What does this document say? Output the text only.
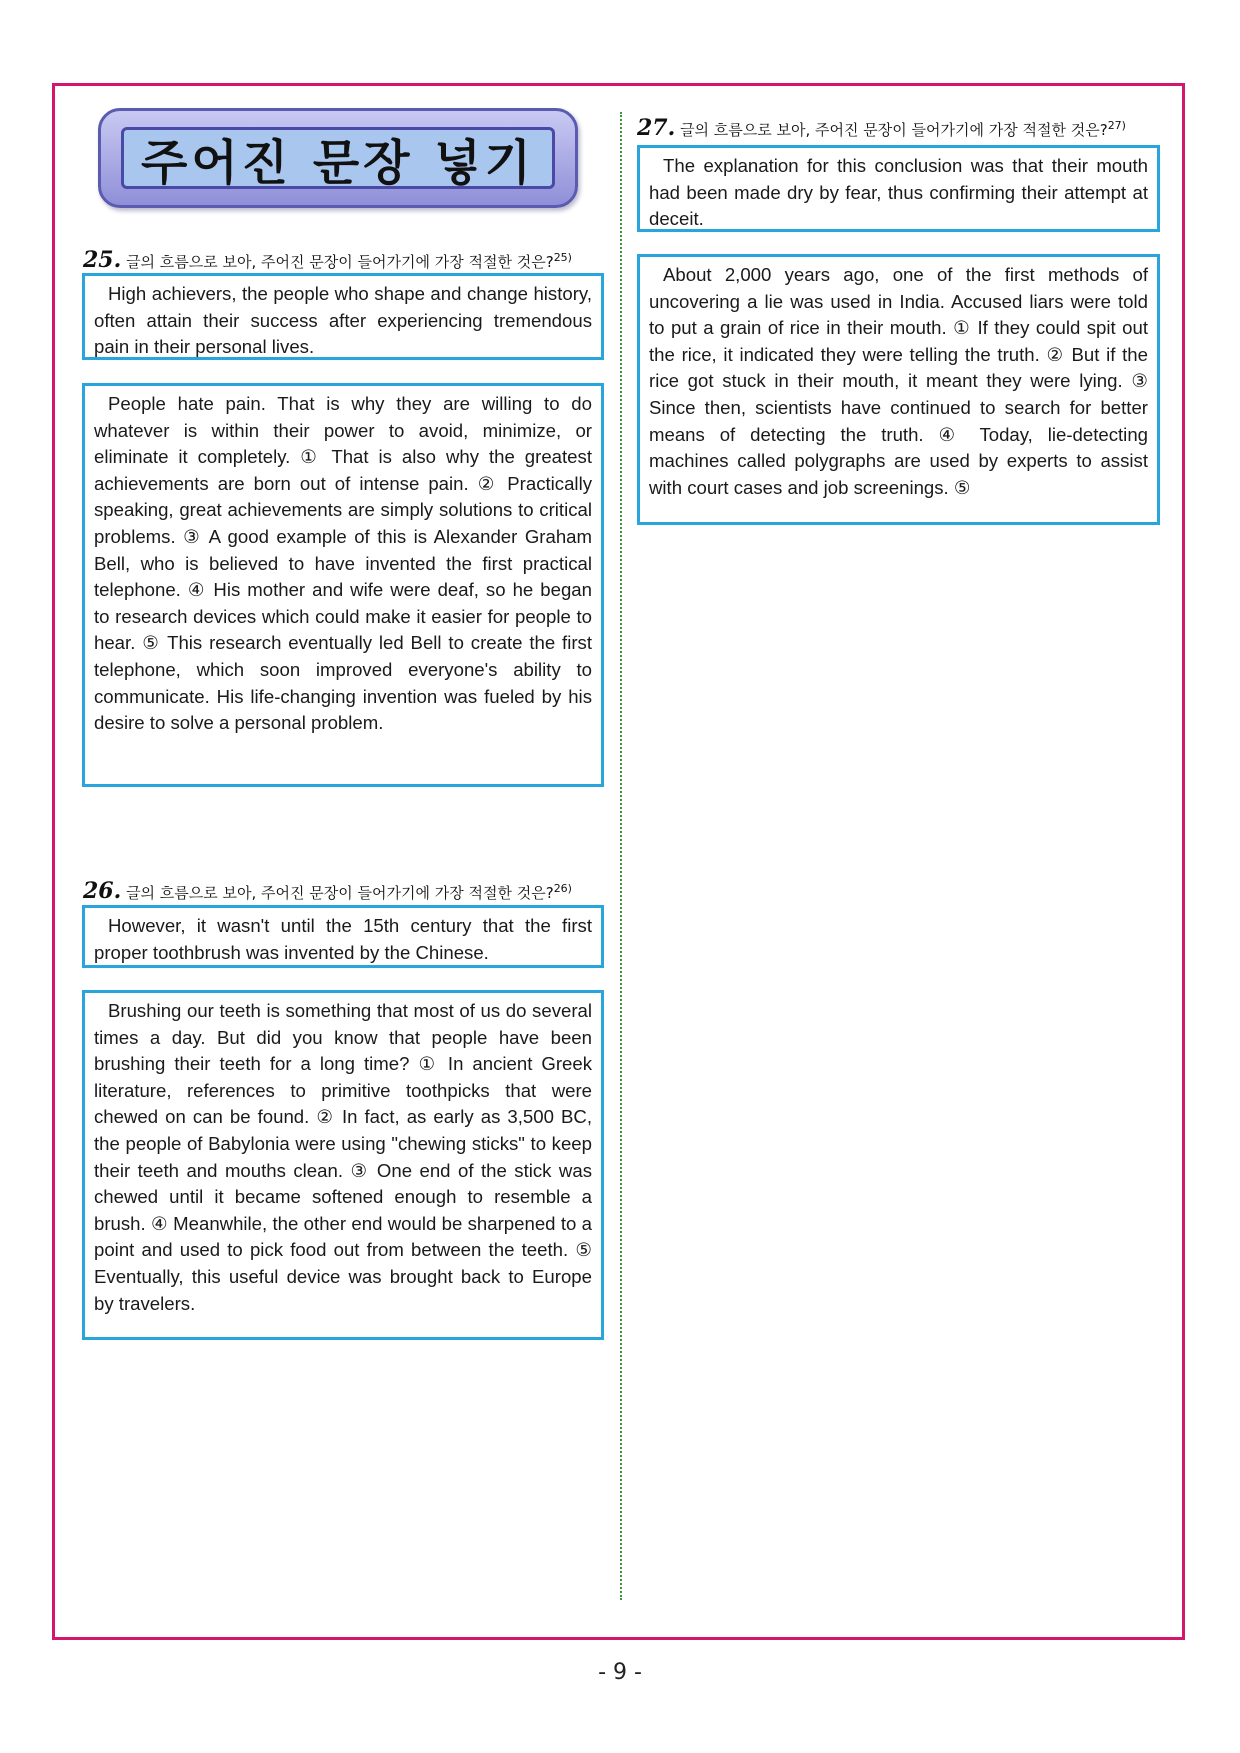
주어진 문장 넣기
25. 글의 흐름으로 보아, 주어진 문장이 들어가기에 가장 적절한 것은?$^{25)}$

High achievers, the people who shape and change history, often attain their success after experiencing tremendous pain in their personal lives.

People hate pain. That is why they are willing to do whatever is within their power to avoid, minimize, or eliminate it completely. ① That is also why the greatest achievements are born out of intense pain. ② Practically speaking, great achievements are simply solutions to critical problems. ③ A good example of this is Alexander Graham Bell, who is believed to have invented the first practical telephone. ④ His mother and wife were deaf, so he began to research devices which could make it easier for people to hear. ⑤ This research eventually led Bell to create the first telephone, which soon improved everyone's ability to communicate. His life-changing invention was fueled by his desire to solve a personal problem.

26. 글의 흐름으로 보아, 주어진 문장이 들어가기에 가장 적절한 것은?$^{26)}$

However, it wasn't until the 15th century that the first proper toothbrush was invented by the Chinese.

Brushing our teeth is something that most of us do several times a day. But did you know that people have been brushing their teeth for a long time? ① In ancient Greek literature, references to primitive toothpicks that were chewed on can be found. ② In fact, as early as 3,500 BC, the people of Babylonia were using "chewing sticks" to keep their teeth and mouths clean. ③ One end of the stick was chewed until it became softened enough to resemble a brush. ④ Meanwhile, the other end would be sharpened to a point and used to pick food out from between the teeth. ⑤ Eventually, this useful device was brought back to Europe by travelers.

27. 글의 흐름으로 보아, 주어진 문장이 들어가기에 가장 적절한 것은?$^{27)}$

The explanation for this conclusion was that their mouth had been made dry by fear, thus confirming their attempt at deceit.

About 2,000 years ago, one of the first methods of uncovering a lie was used in India. Accused liars were told to put a grain of rice in their mouth. ① If they could spit out the rice, it indicated they were telling the truth. ② But if the rice got stuck in their mouth, it meant they were lying. ③ Since then, scientists have continued to search for better means of detecting the truth. ④ Today, lie-detecting machines called polygraphs are used by experts to assist with court cases and job screenings. ⑤

- 9 -
